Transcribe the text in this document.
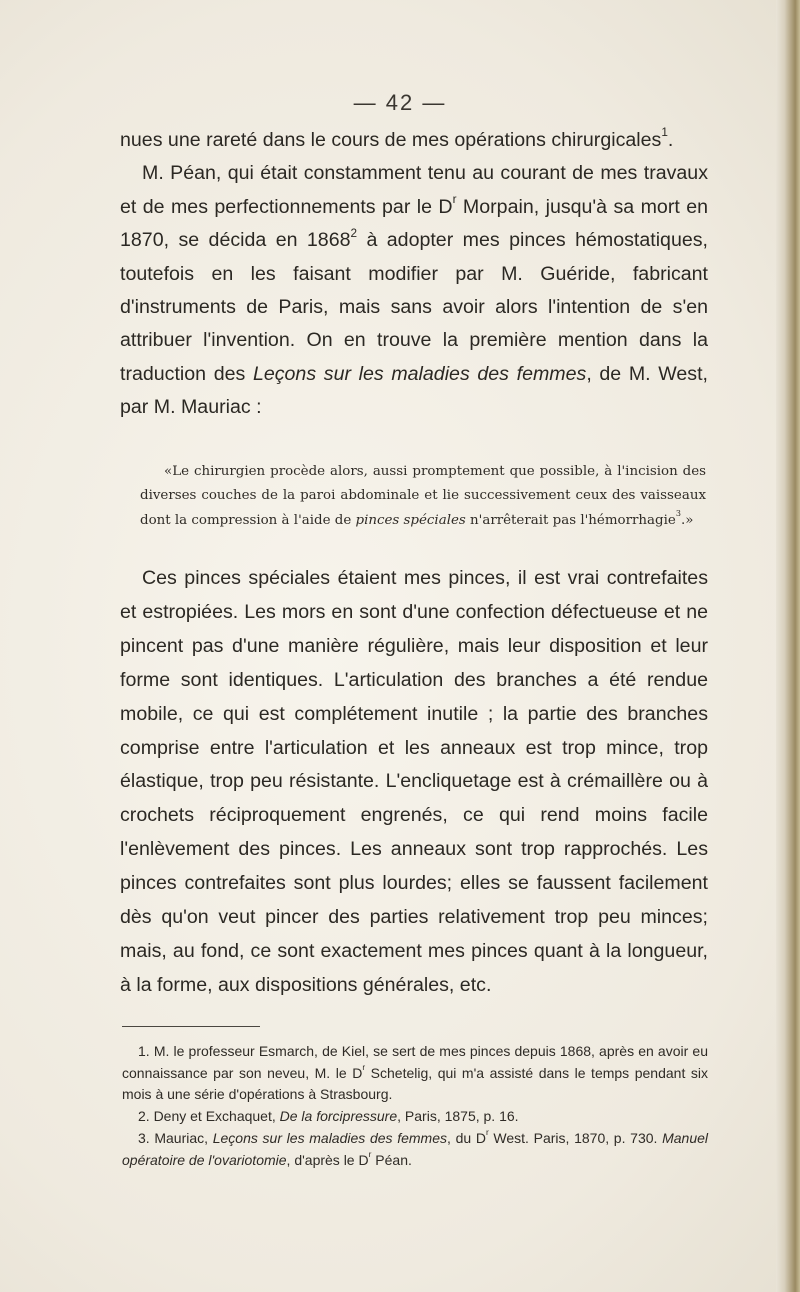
— 42 —

nues une rareté dans le cours de mes opérations chirurgicales$^1$.

M. Péan, qui était constamment tenu au courant de mes travaux et de mes perfectionnements par le $D^r$ Morpain, jusqu'à sa mort en 1870, se décida en 1868$^2$ à adopter mes pinces hémostatiques, toutefois en les faisant modifier par M. Guéride, fabricant d'instruments de Paris, mais sans avoir alors l'intention de s'en attribuer l'invention. On en trouve la première mention dans la traduction des Leçons sur les maladies des femmes, de M. West, par M. Mauriac :

«Le chirurgien procède alors, aussi promptement que possible, à l'incision des diverses couches de la paroi abdominale et lie successivement ceux des vaisseaux dont la compression à l'aide de pinces spéciales n'arrêterait pas l'hémorrhagie$^3$.»

Ces pinces spéciales étaient mes pinces, il est vrai contrefaites et estropiées. Les mors en sont d'une confection défectueuse et ne pincent pas d'une manière régulière, mais leur disposition et leur forme sont identiques. L'articulation des branches a été rendue mobile, ce qui est complétement inutile ; la partie des branches comprise entre l'articulation et les anneaux est trop mince, trop élastique, trop peu résistante. L'encliquetage est à crémaillère ou à crochets réciproquement engrenés, ce qui rend moins facile l'enlèvement des pinces. Les anneaux sont trop rapprochés. Les pinces contrefaites sont plus lourdes; elles se faussent facilement dès qu'on veut pincer des parties relativement trop peu minces; mais, au fond, ce sont exactement mes pinces quant à la longueur, à la forme, aux dispositions générales, etc.

1. M. le professeur Esmarch, de Kiel, se sert de mes pinces depuis 1868, après en avoir eu connaissance par son neveu, M. le $D^r$ Schetelig, qui m'a assisté dans le temps pendant six mois à une série d'opérations à Strasbourg.

2. Deny et Exchaquet, De la forcipressure, Paris, 1875, p. 16.

3. Mauriac, Leçons sur les maladies des femmes, du $D^r$ West. Paris, 1870, p. 730. Manuel opératoire de l'ovariotomie, d'après le $D^r$ Péan.
